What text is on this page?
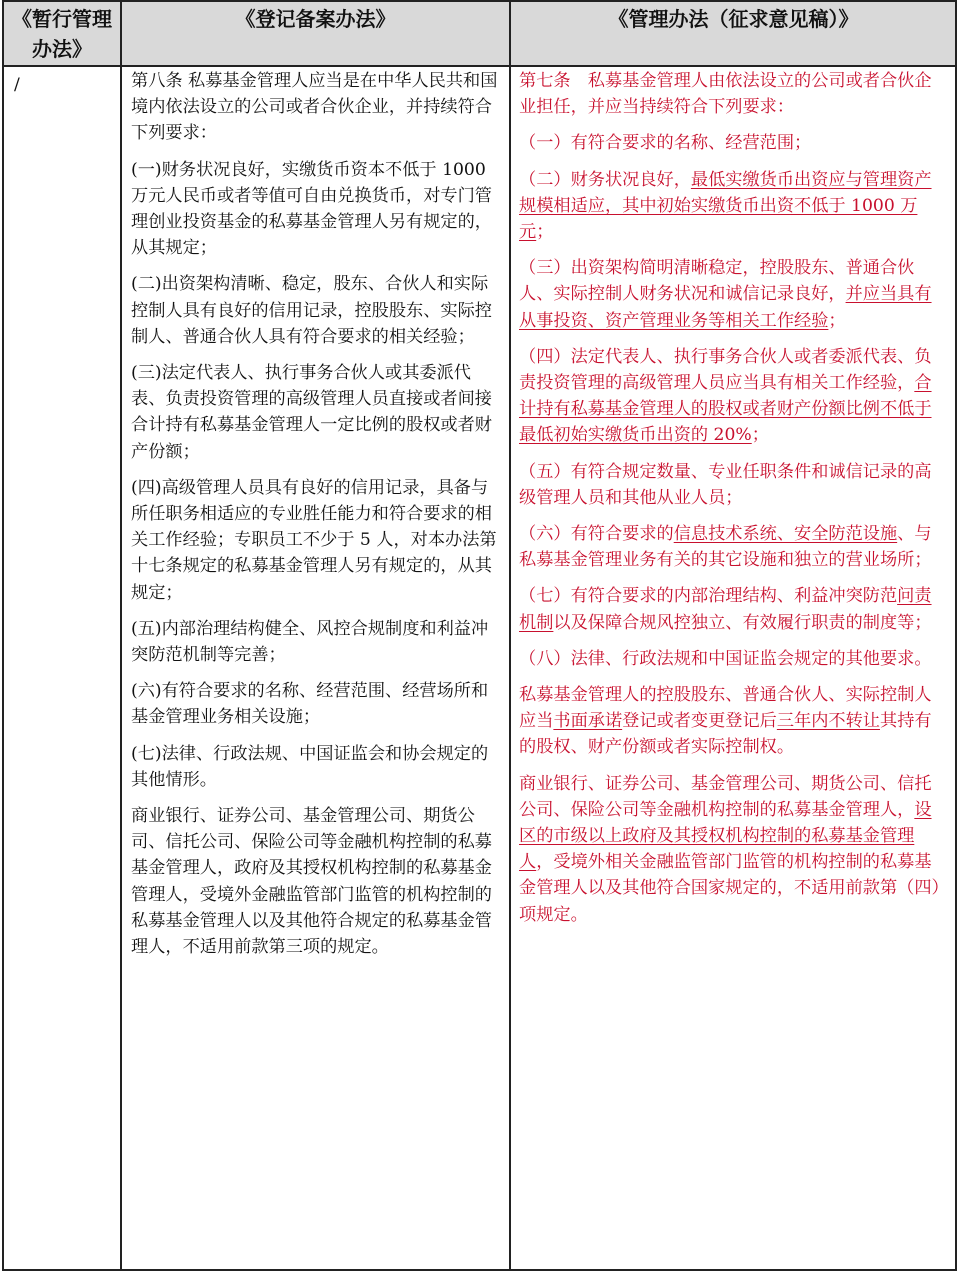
《暂行管理办法》
《登记备案办法》	《管理办法（征求意见稿）》
/	第八条 私募基金管理人应当是在中华人民共和国境内依法设立的公司或者合伙企业，并持续符合下列要求：

(一)财务状况良好，实缴货币资本不低于 1000 万元人民币或者等值可自由兑换货币，对专门管理创业投资基金的私募基金管理人另有规定的，从其规定；

(二)出资架构清晰、稳定，股东、合伙人和实际控制人具有良好的信用记录，控股股东、实际控制人、普通合伙人具有符合要求的相关经验；

(三)法定代表人、执行事务合伙人或其委派代表、负责投资管理的高级管理人员直接或者间接合计持有私募基金管理人一定比例的股权或者财产份额；

(四)高级管理人员具有良好的信用记录，具备与所任职务相适应的专业胜任能力和符合要求的相关工作经验；专职员工不少于 5 人，对本办法第十七条规定的私募基金管理人另有规定的，从其规定；

(五)内部治理结构健全、风控合规制度和利益冲突防范机制等完善；

(六)有符合要求的名称、经营范围、经营场所和基金管理业务相关设施；

(七)法律、行政法规、中国证监会和协会规定的其他情形。

商业银行、证券公司、基金管理公司、期货公司、信托公司、保险公司等金融机构控制的私募基金管理人，政府及其授权机构控制的私募基金管理人，受境外金融监管部门监管的机构控制的私募基金管理人以及其他符合规定的私募基金管理人，不适用前款第三项的规定。

第七条　私募基金管理人由依法设立的公司或者合伙企业担任，并应当持续符合下列要求：

（一）有符合要求的名称、经营范围；

（二）财务状况良好，最低实缴货币出资应与管理资产规模相适应，其中初始实缴货币出资不低于 1000 万元；

（三）出资架构简明清晰稳定，控股股东、普通合伙人、实际控制人财务状况和诚信记录良好，并应当具有从事投资、资产管理业务等相关工作经验；

（四）法定代表人、执行事务合伙人或者委派代表、负责投资管理的高级管理人员应当具有相关工作经验，合计持有私募基金管理人的股权或者财产份额比例不低于最低初始实缴货币出资的 20%；

（五）有符合规定数量、专业任职条件和诚信记录的高级管理人员和其他从业人员；

（六）有符合要求的信息技术系统、安全防范设施、与私募基金管理业务有关的其它设施和独立的营业场所；

（七）有符合要求的内部治理结构、利益冲突防范问责机制以及保障合规风控独立、有效履行职责的制度等；

（八）法律、行政法规和中国证监会规定的其他要求。

私募基金管理人的控股股东、普通合伙人、实际控制人应当书面承诺登记或者变更登记后三年内不转让其持有的股权、财产份额或者实际控制权。

商业银行、证券公司、基金管理公司、期货公司、信托公司、保险公司等金融机构控制的私募基金管理人，设区的市级以上政府及其授权机构控制的私募基金管理人，受境外相关金融监管部门监管的机构控制的私募基金管理人以及其他符合国家规定的，不适用前款第（四）项规定。
